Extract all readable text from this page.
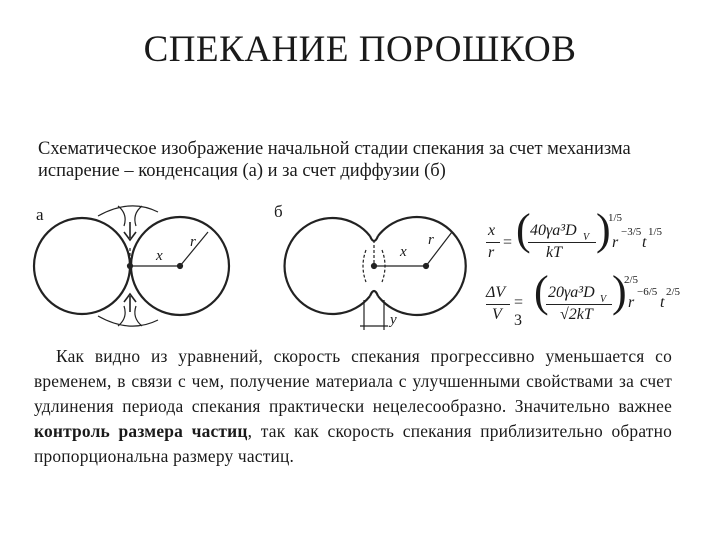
СПЕКАНИЕ ПОРОШКОВ
Схематическое изображение начальной стадии спекания за счет механизма испарение – конденсация (а) и за счет диффузии (б)
а	б
x
r
x
r
y
x
r
= ( 40γa³D V
kT )
1/5
r
−3/5
t
1/5
ΔV
V
= 3
( 20γa³D V
√2kT )
2/5
r
−6/5
t
2/5
Как видно из уравнений, скорость спекания прогрессивно уменьшается со временем, в связи с чем, получение материала с улучшенными свойствами за счет удлинения периода спекания практически нецелесообразно. Значительно важнее контроль размера частиц, так как скорость спекания приблизительно обратно пропорциональна размеру частиц.
